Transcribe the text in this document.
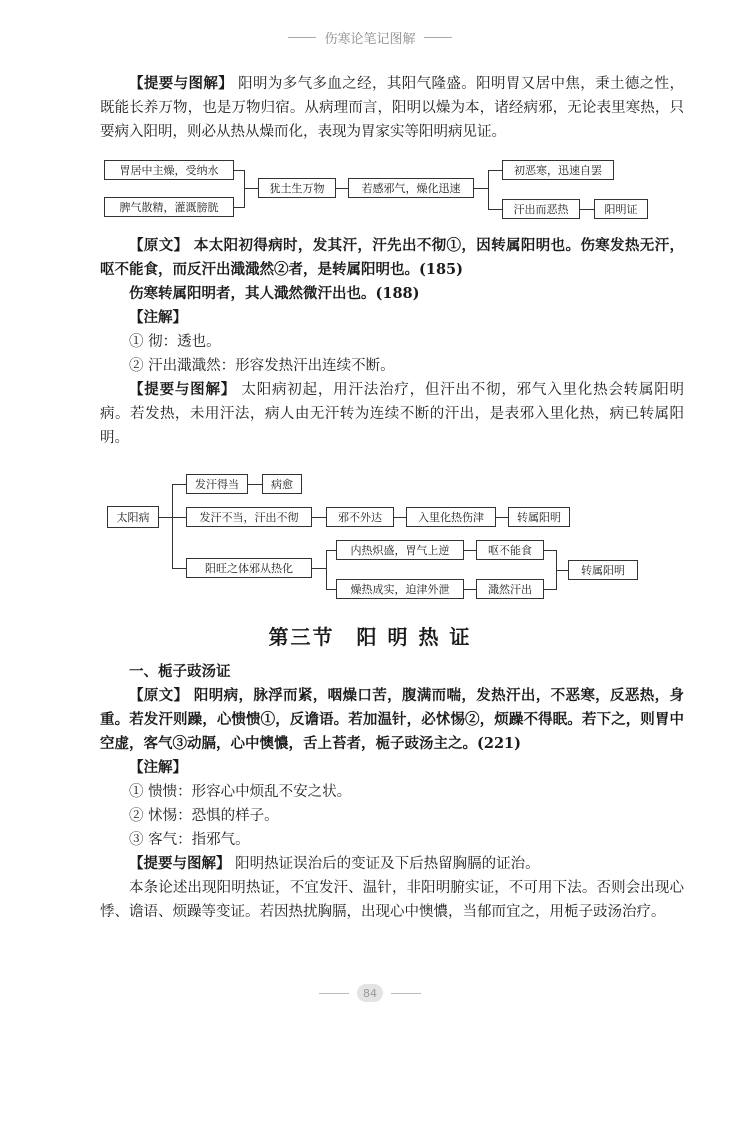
伤寒论笔记图解

【提要与图解】 阳明为多气多血之经，其阳气隆盛。阳明胃又居中焦，秉土德之性，既能长养万物，也是万物归宿。从病理而言，阳明以燥为本，诸经病邪，无论表里寒热，只要病入阳明，则必从热从燥而化，表现为胃家实等阳明病见证。

胃居中主燥，受纳水
脾气散精，灌溉膀胱
犹土生万物	若感邪气，燥化迅速
初恶寒，迅速自罢
汗出而恶热	阳明证

【原文】 本太阳初得病时，发其汗，汗先出不彻①，因转属阳明也。伤寒发热无汗，呕不能食，而反汗出濈濈然②者，是转属阳明也。(185)

伤寒转属阳明者，其人濈然微汗出也。(188)

【注解】

① 彻：透也。

② 汗出濈濈然：形容发热汗出连续不断。

【提要与图解】 太阳病初起，用汗法治疗，但汗出不彻，邪气入里化热会转属阳明病。若发热，未用汗法，病人由无汗转为连续不断的汗出，是表邪入里化热，病已转属阳明。

太阳病
发汗得当	病愈
发汗不当，汗出不彻	邪不外达	入里化热伤津	转属阳明
阳旺之体邪从热化
内热炽盛，胃气上逆	呕不能食
燥热成实，迫津外泄	濈然汗出
转属阳明
第三节　阳 明 热 证

一、栀子豉汤证

【原文】 阳明病，脉浮而紧，咽燥口苦，腹满而喘，发热汗出，不恶寒，反恶热，身重。若发汗则躁，心愦愦①，反谵语。若加温针，必怵惕②，烦躁不得眠。若下之，则胃中空虚，客气③动膈，心中懊憹，舌上苔者，栀子豉汤主之。(221)

【注解】

① 愦愦：形容心中烦乱不安之状。

② 怵惕：恐惧的样子。

③ 客气：指邪气。

【提要与图解】 阳明热证误治后的变证及下后热留胸膈的证治。

本条论述出现阳明热证，不宜发汗、温针，非阳明腑实证，不可用下法。否则会出现心悸、谵语、烦躁等变证。若因热扰胸膈，出现心中懊憹，当郁而宜之，用栀子豉汤治疗。

84
